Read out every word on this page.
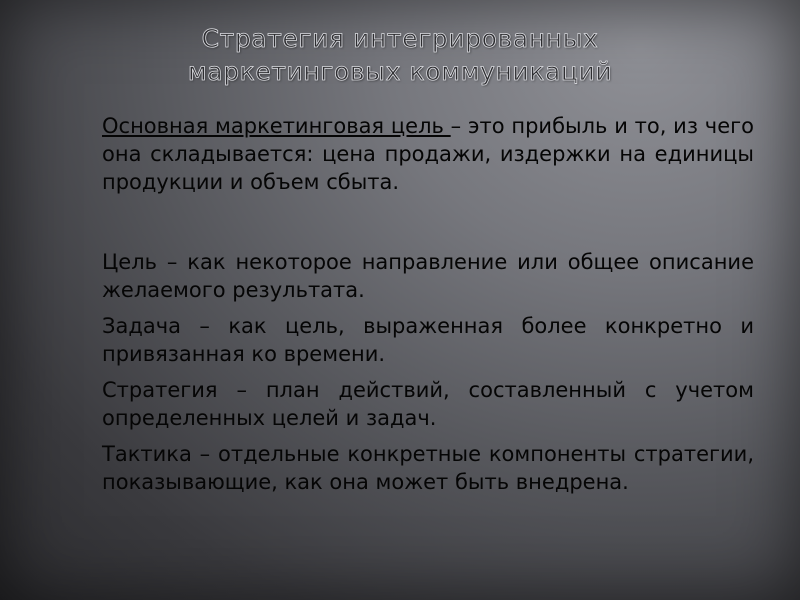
Стратегия интегрированных
маркетинговых коммуникаций

Основная маркетинговая цель – это прибыль и то, из чего она складывается: цена продажи, издержки на единицы продукции и объем сбыта.

Цель – как некоторое направление или общее описание желаемого результата.

Задача – как цель, выраженная более конкретно и привязанная ко времени.

Стратегия – план действий, составленный с учетом определенных целей и задач.

Тактика – отдельные конкретные компоненты стратегии, показывающие, как она может быть внедрена.
